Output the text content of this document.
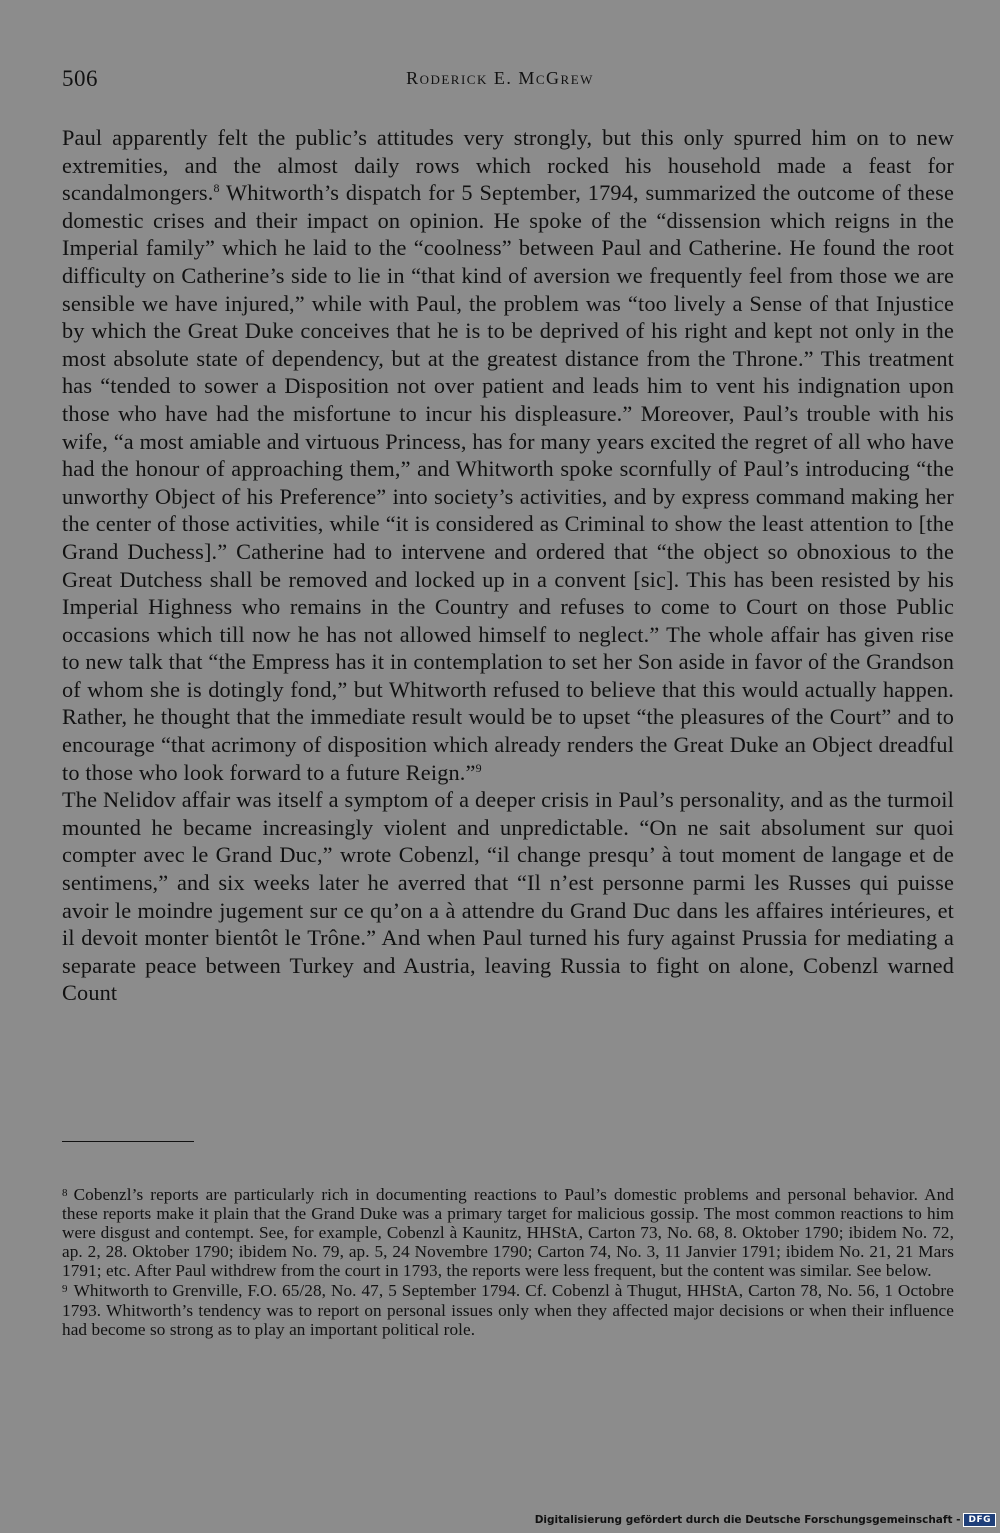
506	Roderick E. McGrew

Paul apparently felt the public’s attitudes very strongly, but this only spurred him on to new extremities, and the almost daily rows which rocked his household made a feast for scandalmongers.$^8$ Whitworth’s dispatch for 5 September, 1794, summarized the outcome of these domestic crises and their impact on opinion. He spoke of the “dissension which reigns in the Imperial family” which he laid to the “coolness” between Paul and Catherine. He found the root difficulty on Catherine’s side to lie in “that kind of aversion we frequently feel from those we are sensible we have injured,” while with Paul, the problem was “too lively a Sense of that Injustice by which the Great Duke conceives that he is to be deprived of his right and kept not only in the most absolute state of dependency, but at the greatest distance from the Throne.” This treatment has “tended to sower a Disposition not over patient and leads him to vent his indignation upon those who have had the misfortune to incur his displeasure.” Moreover, Paul’s trouble with his wife, “a most amiable and virtuous Princess, has for many years excited the regret of all who have had the honour of approaching them,” and Whitworth spoke scornfully of Paul’s introducing “the unworthy Object of his Preference” into society’s activities, and by express command making her the center of those activities, while “it is considered as Criminal to show the least attention to [the Grand Duchess].” Catherine had to intervene and ordered that “the object so obnoxious to the Great Dutchess shall be removed and locked up in a convent [sic]. This has been resisted by his Imperial Highness who remains in the Country and refuses to come to Court on those Public occasions which till now he has not allowed himself to neglect.” The whole affair has given rise to new talk that “the Empress has it in contemplation to set her Son aside in favor of the Grandson of whom she is dotingly fond,” but Whitworth refused to believe that this would actually happen. Rather, he thought that the immediate result would be to upset “the pleasures of the Court” and to encourage “that acrimony of disposition which already renders the Great Duke an Object dreadful to those who look forward to a future Reign.”$^9$

The Nelidov affair was itself a symptom of a deeper crisis in Paul’s personality, and as the turmoil mounted he became increasingly violent and unpredictable. “On ne sait absolument sur quoi compter avec le Grand Duc,” wrote Cobenzl, “il change presqu’ à tout moment de langage et de sentimens,” and six weeks later he averred that “Il n’est personne parmi les Russes qui puisse avoir le moindre jugement sur ce qu’on a à attendre du Grand Duc dans les affaires intérieures, et il devoit monter bientôt le Trône.” And when Paul turned his fury against Prussia for mediating a separate peace between Turkey and Austria, leaving Russia to fight on alone, Cobenzl warned Count

$^8$ Cobenzl’s reports are particularly rich in documenting reactions to Paul’s domestic problems and personal behavior. And these reports make it plain that the Grand Duke was a primary target for malicious gossip. The most common reactions to him were disgust and contempt. See, for example, Cobenzl à Kaunitz, HHStA, Carton 73, No. 68, 8. Oktober 1790; ibidem No. 72, ap. 2, 28. Oktober 1790; ibidem No. 79, ap. 5, 24 Novembre 1790; Carton 74, No. 3, 11 Janvier 1791; ibidem No. 21, 21 Mars 1791; etc. After Paul withdrew from the court in 1793, the reports were less frequent, but the content was similar. See below.

$^9$ Whitworth to Grenville, F.O. 65/28, No. 47, 5 September 1794. Cf. Cobenzl à Thugut, HHStA, Carton 78, No. 56, 1 Octobre 1793. Whitworth’s tendency was to report on personal issues only when they affected major decisions or when their influence had become so strong as to play an important political role.

Digitalisierung gefördert durch die Deutsche Forschungsgemeinschaft - DFG
